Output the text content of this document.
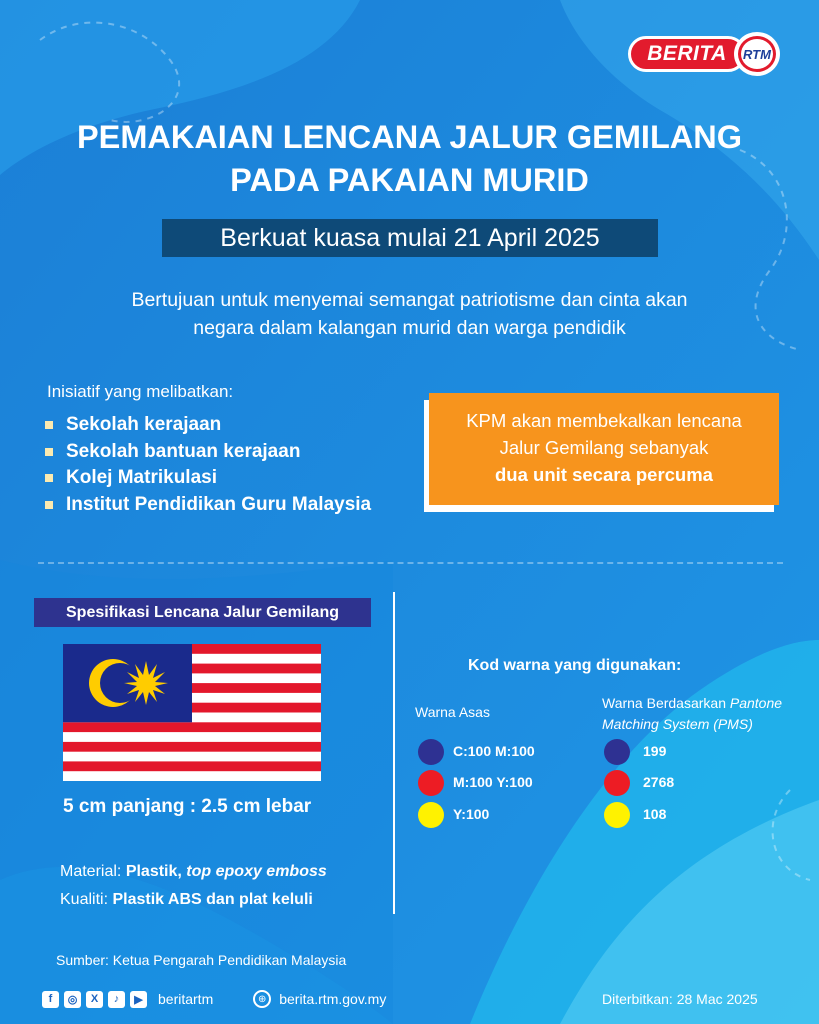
BERITA	RTM
PEMAKAIAN LENCANA JALUR GEMILANG
PADA PAKAIAN MURID
Berkuat kuasa mulai 21 April 2025
Bertujuan untuk menyemai semangat patriotisme dan cinta akan
negara dalam kalangan murid dan warga pendidik
Inisiatif yang melibatkan:
Sekolah kerajaan
Sekolah bantuan kerajaan
Kolej Matrikulasi
Institut Pendidikan Guru Malaysia
KPM akan membekalkan lencana
Jalur Gemilang sebanyak
dua unit secara percuma
Spesifikasi Lencana Jalur Gemilang
5 cm panjang : 2.5 cm lebar
Material: Plastik, top epoxy emboss
Kualiti: Plastik ABS dan plat keluli
Kod warna yang digunakan:
Warna Asas
Warna Berdasarkan Pantone Matching System (PMS)
C:100 M:100	199
M:100 Y:100	2768
Y:100	108
Sumber: Ketua Pengarah Pendidikan Malaysia
f	◎	X	♪	▶	beritartm	⊕ berita.rtm.gov.my	Diterbitkan: 28 Mac 2025
